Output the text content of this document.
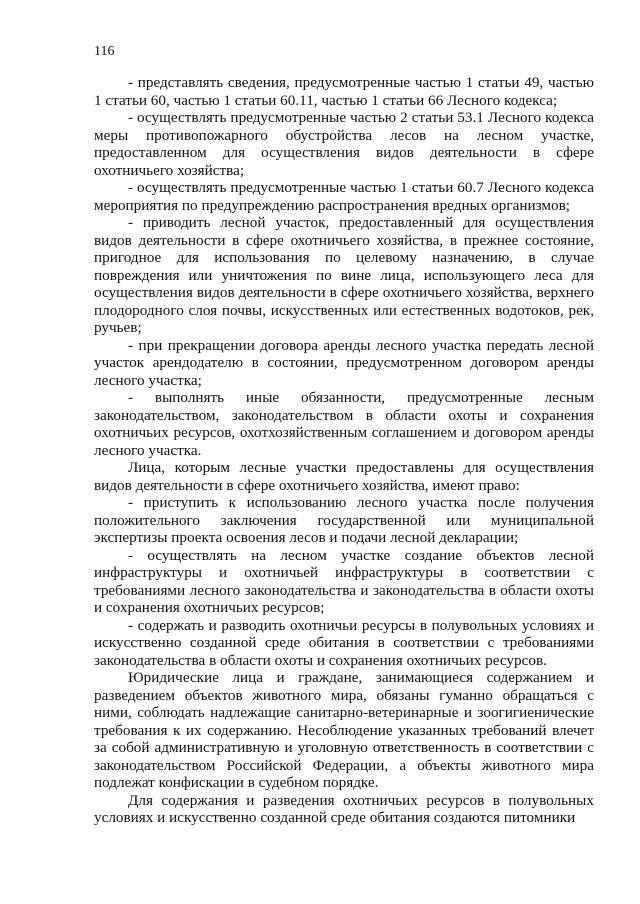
116

- представлять сведения, предусмотренные частью 1 статьи 49, частью 1 статьи 60, частью 1 статьи 60.11, частью 1 статьи 66 Лесного кодекса;

- осуществлять предусмотренные частью 2 статьи 53.1 Лесного кодекса меры противопожарного обустройства лесов на лесном участке, предоставленном для осуществления видов деятельности в сфере охотничьего хозяйства;

- осуществлять предусмотренные частью 1 статьи 60.7 Лесного кодекса мероприятия по предупреждению распространения вредных организмов;

- приводить лесной участок, предоставленный для осуществления видов деятельности в сфере охотничьего хозяйства, в прежнее состояние, пригодное для использования по целевому назначению, в случае повреждения или уничтожения по вине лица, использующего леса для осуществления видов деятельности в сфере охотничьего хозяйства, верхнего плодородного слоя почвы, искусственных или естественных водотоков, рек, ручьев;

- при прекращении договора аренды лесного участка передать лесной участок арендодателю в состоянии, предусмотренном договором аренды лесного участка;

- выполнять иные обязанности, предусмотренные лесным законодательством, законодательством в области охоты и сохранения охотничьих ресурсов, охотхозяйственным соглашением и договором аренды лесного участка.

Лица, которым лесные участки предоставлены для осуществления видов деятельности в сфере охотничьего хозяйства, имеют право:

- приступить к использованию лесного участка после получения положительного заключения государственной или муниципальной экспертизы проекта освоения лесов и подачи лесной декларации;

- осуществлять на лесном участке создание объектов лесной инфраструктуры и охотничьей инфраструктуры в соответствии с требованиями лесного законодательства и законодательства в области охоты и сохранения охотничьих ресурсов;

- содержать и разводить охотничьи ресурсы в полувольных условиях и искусственно созданной среде обитания в соответствии с требованиями законодательства в области охоты и сохранения охотничьих ресурсов.

Юридические лица и граждане, занимающиеся содержанием и разведением объектов животного мира, обязаны гуманно обращаться с ними, соблюдать надлежащие санитарно-ветеринарные и зоогигиенические требования к их содержанию. Несоблюдение указанных требований влечет за собой административную и уголовную ответственность в соответствии с законодательством Российской Федерации, а объекты животного мира подлежат конфискации в судебном порядке.

Для содержания и разведения охотничьих ресурсов в полувольных условиях и искусственно созданной среде обитания создаются питомники
